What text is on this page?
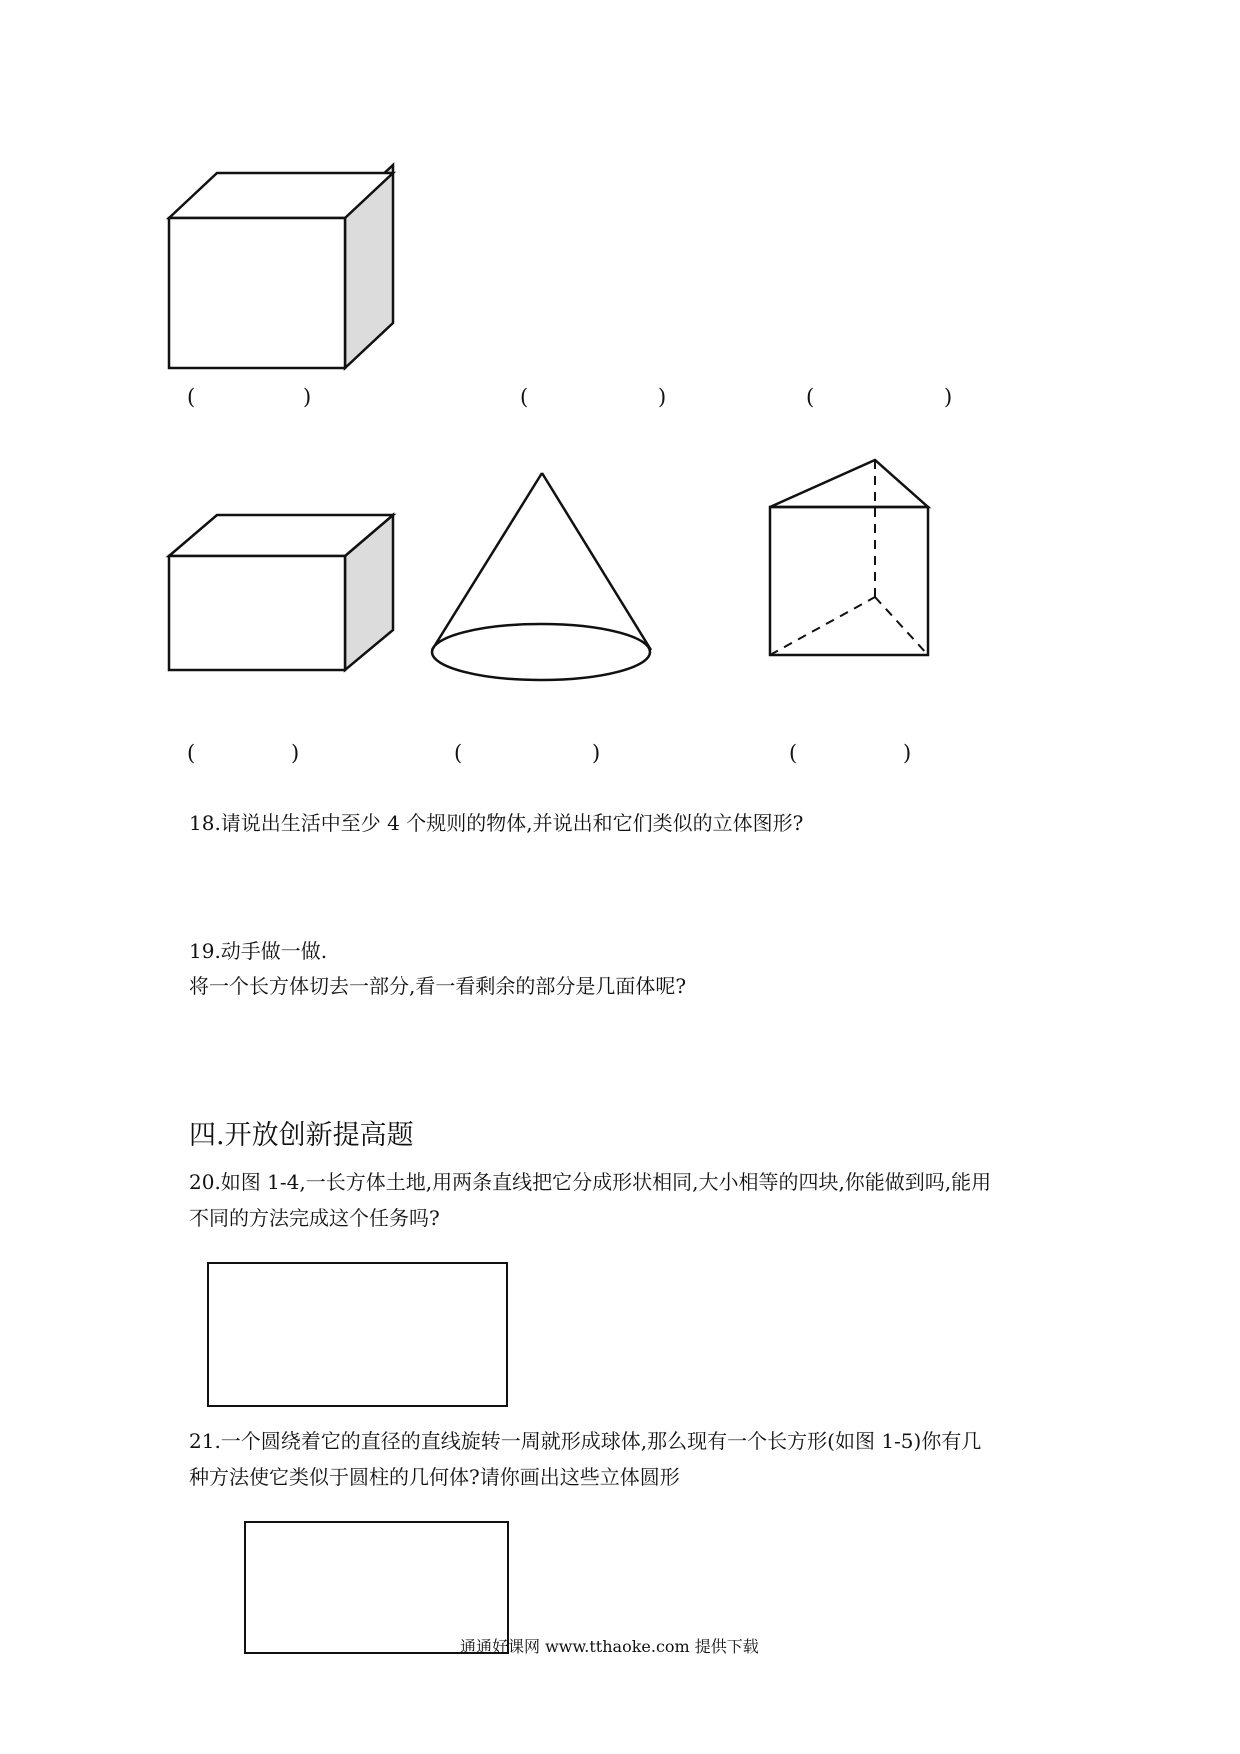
(	)	(	)	(	)
(	)	(	)	(	)
18.请说出生活中至少 4 个规则的物体,并说出和它们类似的立体图形?
19.动手做一做.
将一个长方体切去一部分,看一看剩余的部分是几面体呢?
四.开放创新提高题
20.如图 1-4,一长方体土地,用两条直线把它分成形状相同,大小相等的四块,你能做到吗,能用
不同的方法完成这个任务吗?
21.一个圆绕着它的直径的直线旋转一周就形成球体,那么现有一个长方形(如图 1-5)你有几
种方法使它类似于圆柱的几何体?请你画出这些立体圆形
通通好课网 www.tthaoke.com 提供下载
